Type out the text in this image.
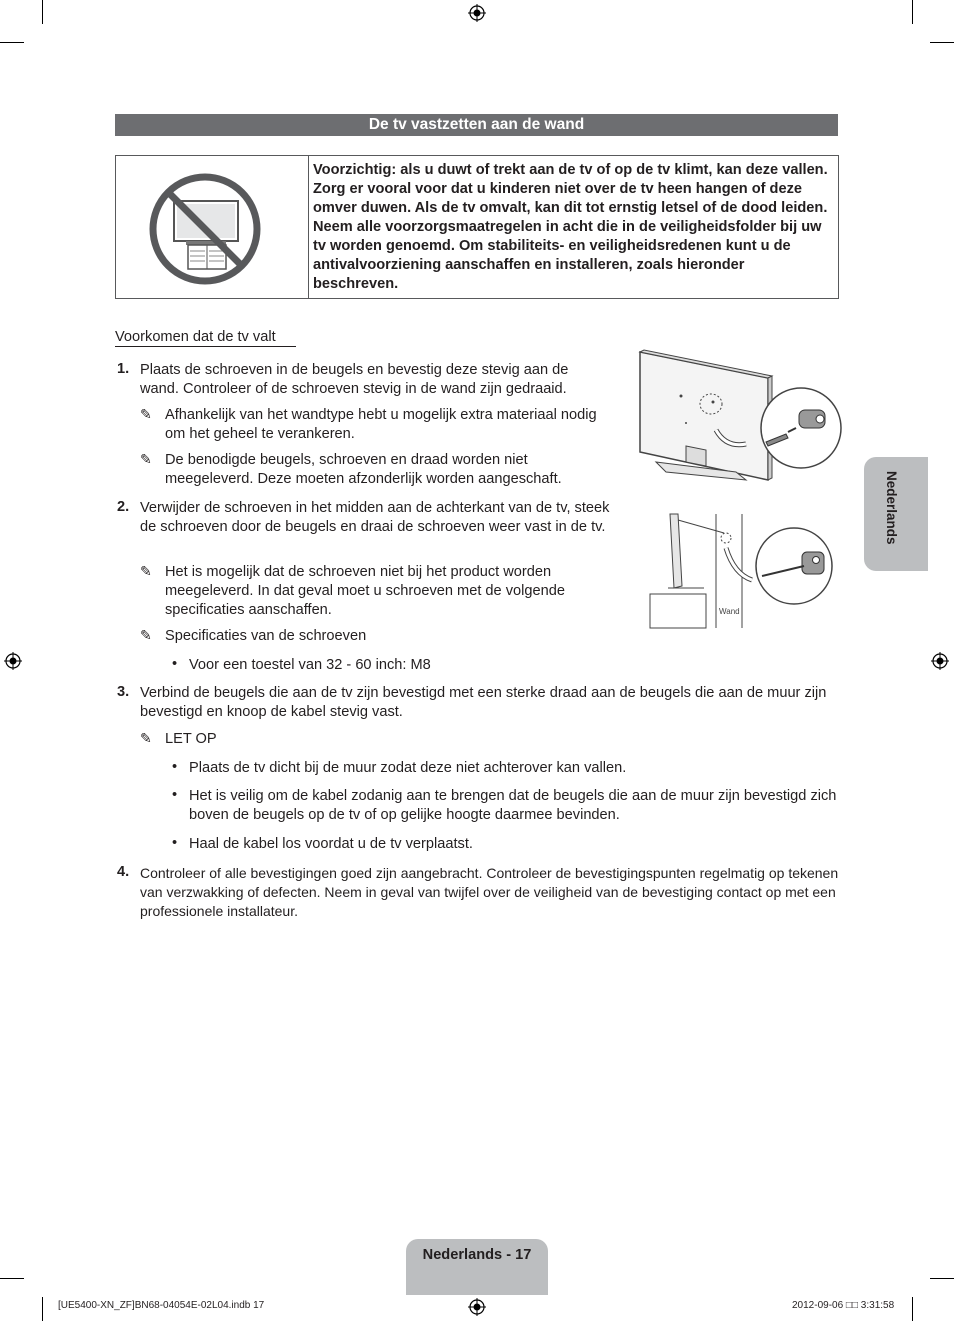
De tv vastzetten aan de wand
Voorzichtig: als u duwt of trekt aan de tv of op de tv klimt, kan deze vallen. Zorg er vooral voor dat u kinderen niet over de tv heen hangen of deze omver duwen. Als de tv omvalt, kan dit tot ernstig letsel of de dood leiden. Neem alle voorzorgsmaatregelen in acht die in de veiligheidsfolder bij uw tv worden genoemd. Om stabiliteits- en veiligheidsredenen kunt u de antivalvoorziening aanschaffen en installeren, zoals hieronder beschreven.
Voorkomen dat de tv valt
1. Plaats de schroeven in de beugels en bevestig deze stevig aan de wand. Controleer of de schroeven stevig in de wand zijn gedraaid.
✎ Afhankelijk van het wandtype hebt u mogelijk extra materiaal nodig om het geheel te verankeren.
✎ De benodigde beugels, schroeven en draad worden niet meegeleverd. Deze moeten afzonderlijk worden aangeschaft.
2. Verwijder de schroeven in het midden aan de achterkant van de tv, steek de schroeven door de beugels en draai de schroeven weer vast in de tv.
✎ Het is mogelijk dat de schroeven niet bij het product worden meegeleverd. In dat geval moet u schroeven met de volgende specificaties aanschaffen.
✎ Specificaties van de schroeven
• Voor een toestel van 32 - 60 inch: M8
3. Verbind de beugels die aan de tv zijn bevestigd met een sterke draad aan de beugels die aan de muur zijn bevestigd en knoop de kabel stevig vast.
✎ LET OP
• Plaats de tv dicht bij de muur zodat deze niet achterover kan vallen.
• Het is veilig om de kabel zodanig aan te brengen dat de beugels die aan de muur zijn bevestigd zich boven de beugels op de tv of op gelijke hoogte daarmee bevinden.
• Haal de kabel los voordat u de tv verplaatst.
4. Controleer of alle bevestigingen goed zijn aangebracht. Controleer de bevestigingspunten regelmatig op tekenen van verzwakking of defecten. Neem in geval van twijfel over de veiligheid van de bevestiging contact op met een professionele installateur.
Wand
Nederlands
Nederlands - 17
[UE5400-XN_ZF]BN68-04054E-02L04.indb 17	2012-09-06 □□ 3:31:58
